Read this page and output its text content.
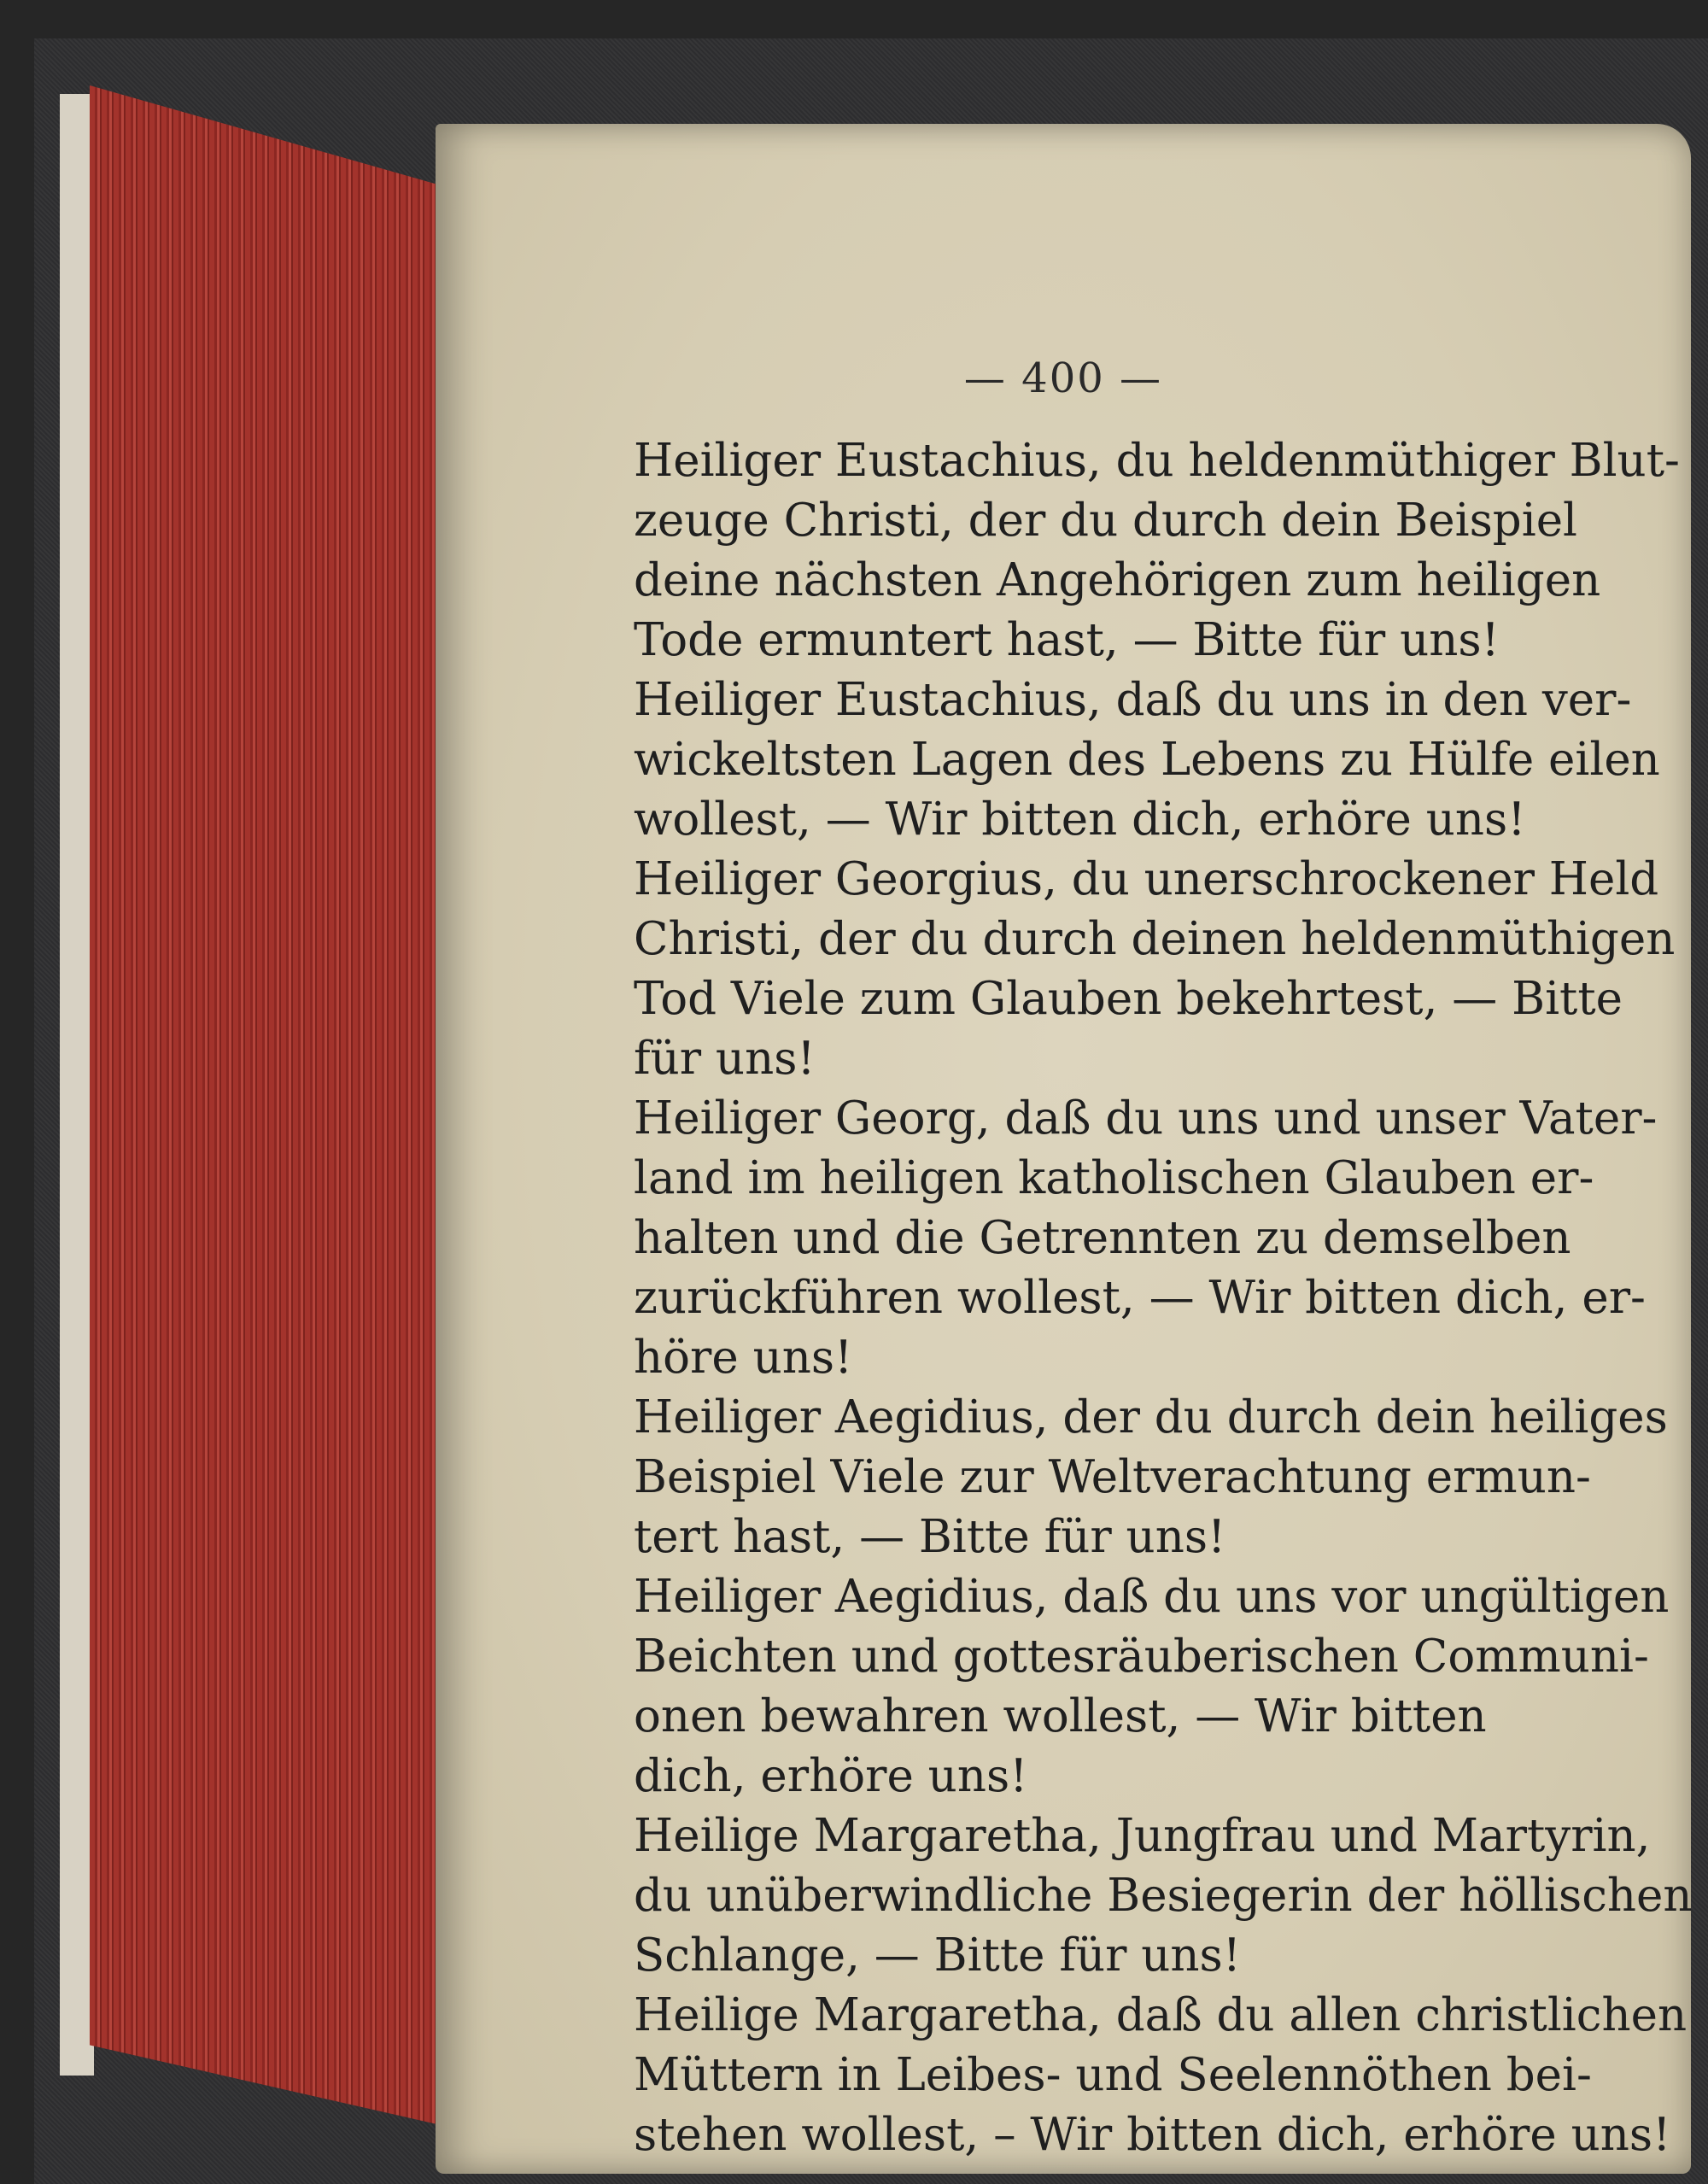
— 400 —

Heiliger Eustachius, du heldenmüthiger Blut-
zeuge Christi, der du durch dein Beispiel
deine nächsten Angehörigen zum heiligen
Tode ermuntert hast, — Bitte für uns!

Heiliger Eustachius, daß du uns in den ver-
wickeltsten Lagen des Lebens zu Hülfe eilen
wollest, — Wir bitten dich, erhöre uns!

Heiliger Georgius, du unerschrockener Held
Christi, der du durch deinen heldenmüthigen
Tod Viele zum Glauben bekehrtest, — Bitte
für uns!

Heiliger Georg, daß du uns und unser Vater-
land im heiligen katholischen Glauben er-
halten und die Getrennten zu demselben
zurückführen wollest, — Wir bitten dich, er-
höre uns!

Heiliger Aegidius, der du durch dein heiliges
Beispiel Viele zur Weltverachtung ermun-
tert hast, — Bitte für uns!

Heiliger Aegidius, daß du uns vor ungültigen
Beichten und gottesräuberischen Communi-
onen bewahren wollest, — Wir bitten
dich, erhöre uns!

Heilige Margaretha, Jungfrau und Martyrin,
du unüberwindliche Besiegerin der höllischen
Schlange, — Bitte für uns!

Heilige Margaretha, daß du allen christlichen
Müttern in Leibes- und Seelennöthen bei-
stehen wollest, – Wir bitten dich, erhöre uns!
